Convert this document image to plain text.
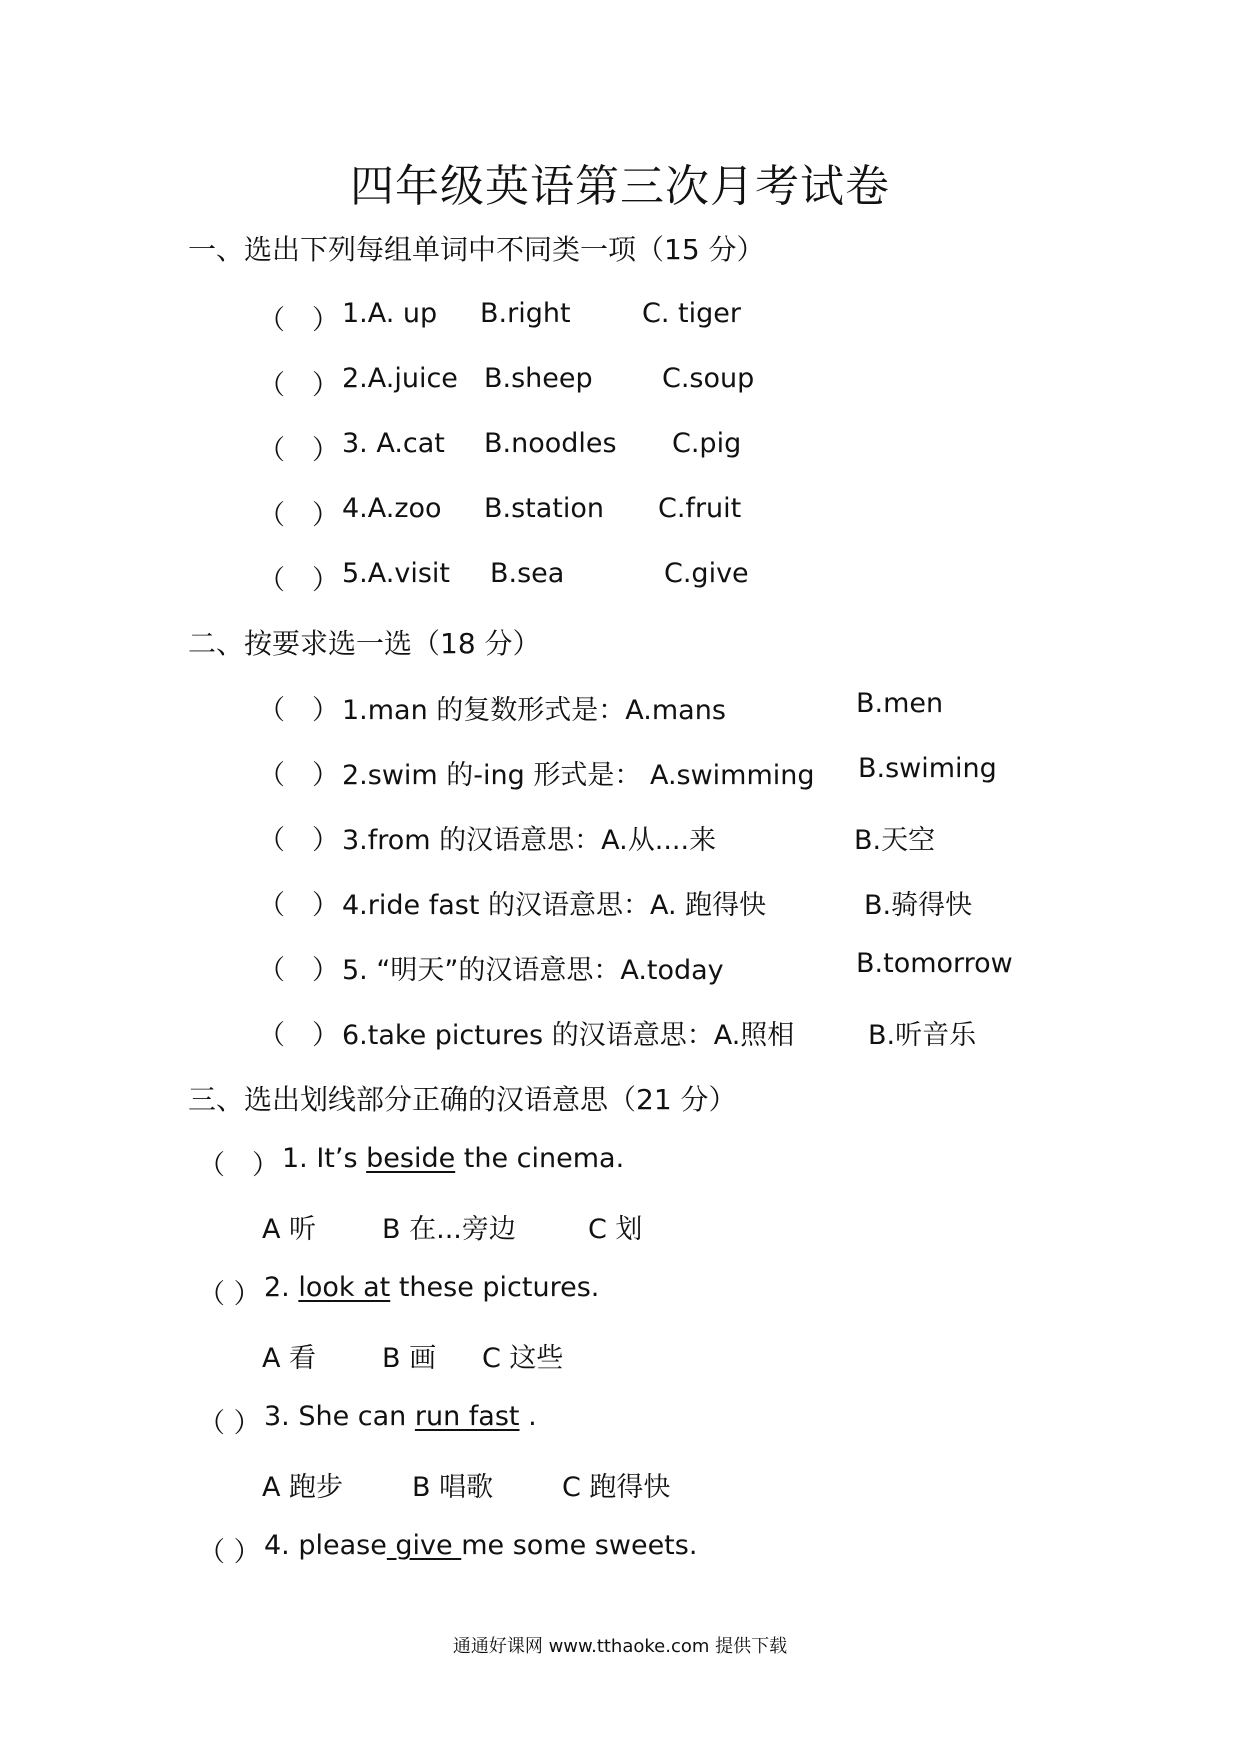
四年级英语第三次月考试卷
一、选出下列每组单词中不同类一项（15 分）
（　） 1.A. up B.right	C. tiger
（　） 2.A.juice B.sheep	C.soup
（　） 3. A.cat B.noodles C.pig
（　） 4.A.zoo B.station C.fruit
（　） 5.A.visit B.sea	C.give
二、按要求选一选（18 分）
（　） 1.man 的复数形式是：A.mans	B.men
（　） 2.swim 的-ing 形式是： A.swimming B.swiming
（　） 3.from 的汉语意思：A.从....来	B.天空
（　） 4.ride fast 的汉语意思：A. 跑得快	B.骑得快
（　） 5. “明天”的汉语意思：A.today	B.tomorrow
（　） 6.take pictures 的汉语意思：A.照相	B.听音乐
三、选出划线部分正确的汉语意思（21 分）
（　） 1. It’s beside the cinema.
A 听 B 在...旁边	C 划
（ ） 2. look at these pictures.
A 看 B 画 C 这些
（ ） 3. She can run fast .
A 跑步	B 唱歌	C 跑得快
（ ） 4. please give me some sweets.
通通好课网 www.tthaoke.com 提供下载
